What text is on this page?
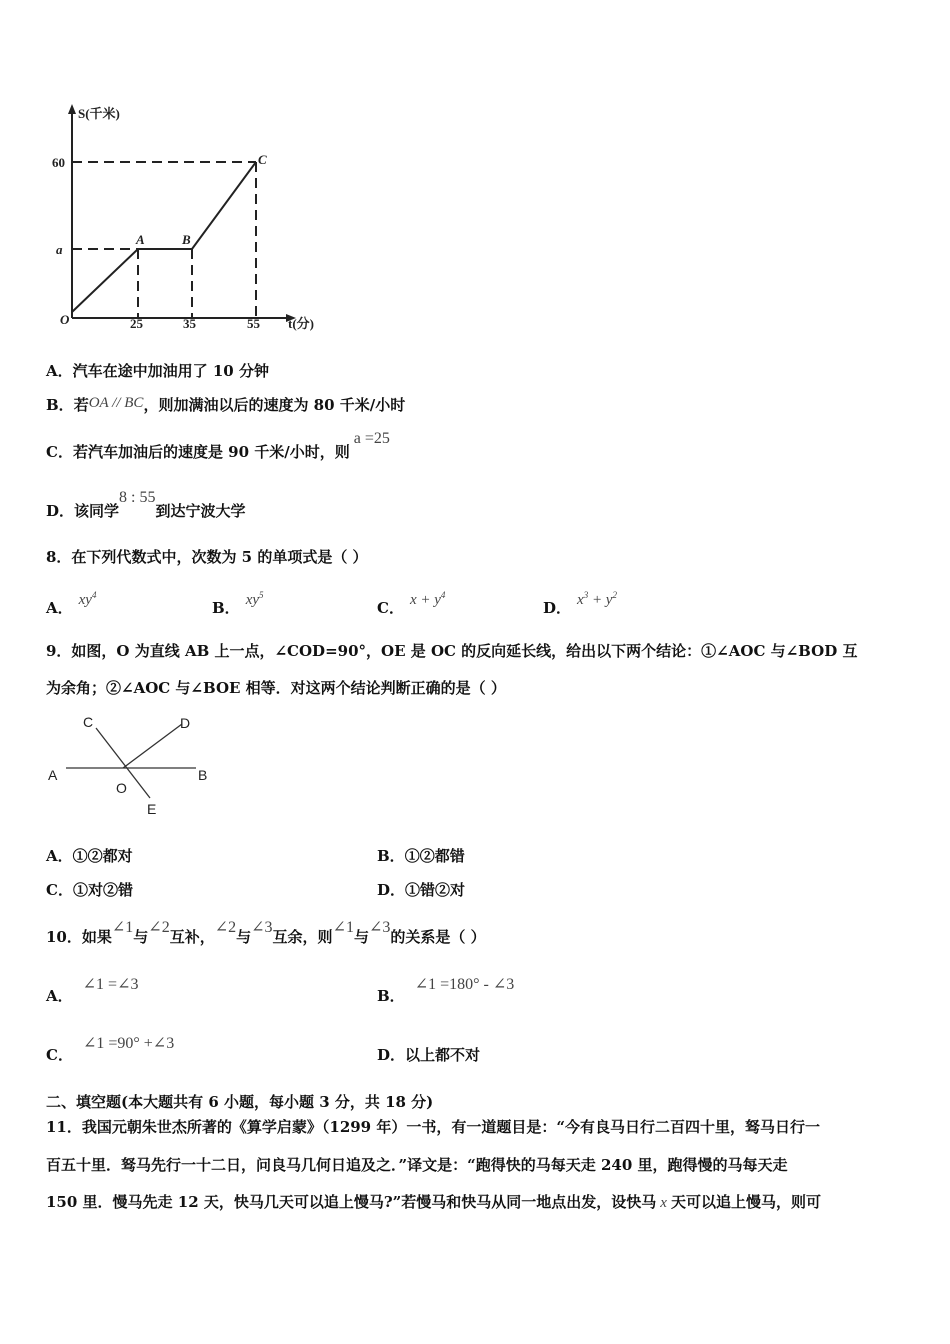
S(千米)
60
a
O	25	35	55 t(分)
A	B
C
A．汽车在途中加油用了 10 分钟
B．若OA // BC，则加满油以后的速度为 80 千米/小时
C．若汽车加油后的速度是 90 千米/小时，则a =25
D．该同学8 : 55到达宁波大学
8．在下列代数式中，次数为 5 的单项式是（ ）
A． $xy^4$
B． $xy^5$
C． $x + y^4$
D． $x^3 + y^2$
9．如图，O 为直线 AB 上一点，∠COD=90°，OE 是 OC 的反向延长线，给出以下两个结论：①∠AOC 与∠BOD 互
为余角；②∠AOC 与∠BOE 相等．对这两个结论判断正确的是（ ）
C	D
A
O
B
E
A．①②都对	B．①②都错
C．①对②错	D．①错②对
10．如果∠1与∠2互补，∠2与∠3互余，则∠1与∠3的关系是（ ）
A．∠1 =∠3
B．∠1 =180° - ∠3
C．∠1 =90° +∠3
D．以上都不对
二、填空题(本大题共有 6 小题，每小题 3 分，共 18 分)
11．我国元朝朱世杰所著的《算学启蒙》（1299 年）一书，有一道题目是：“今有良马日行二百四十里，驽马日行一
百五十里．驽马先行一十二日，问良马几何日追及之．”译文是：“跑得快的马每天走 240 里，跑得慢的马每天走
150 里．慢马先走 12 天，快马几天可以追上慢马?”若慢马和快马从同一地点出发，设快马 x 天可以追上慢马，则可
